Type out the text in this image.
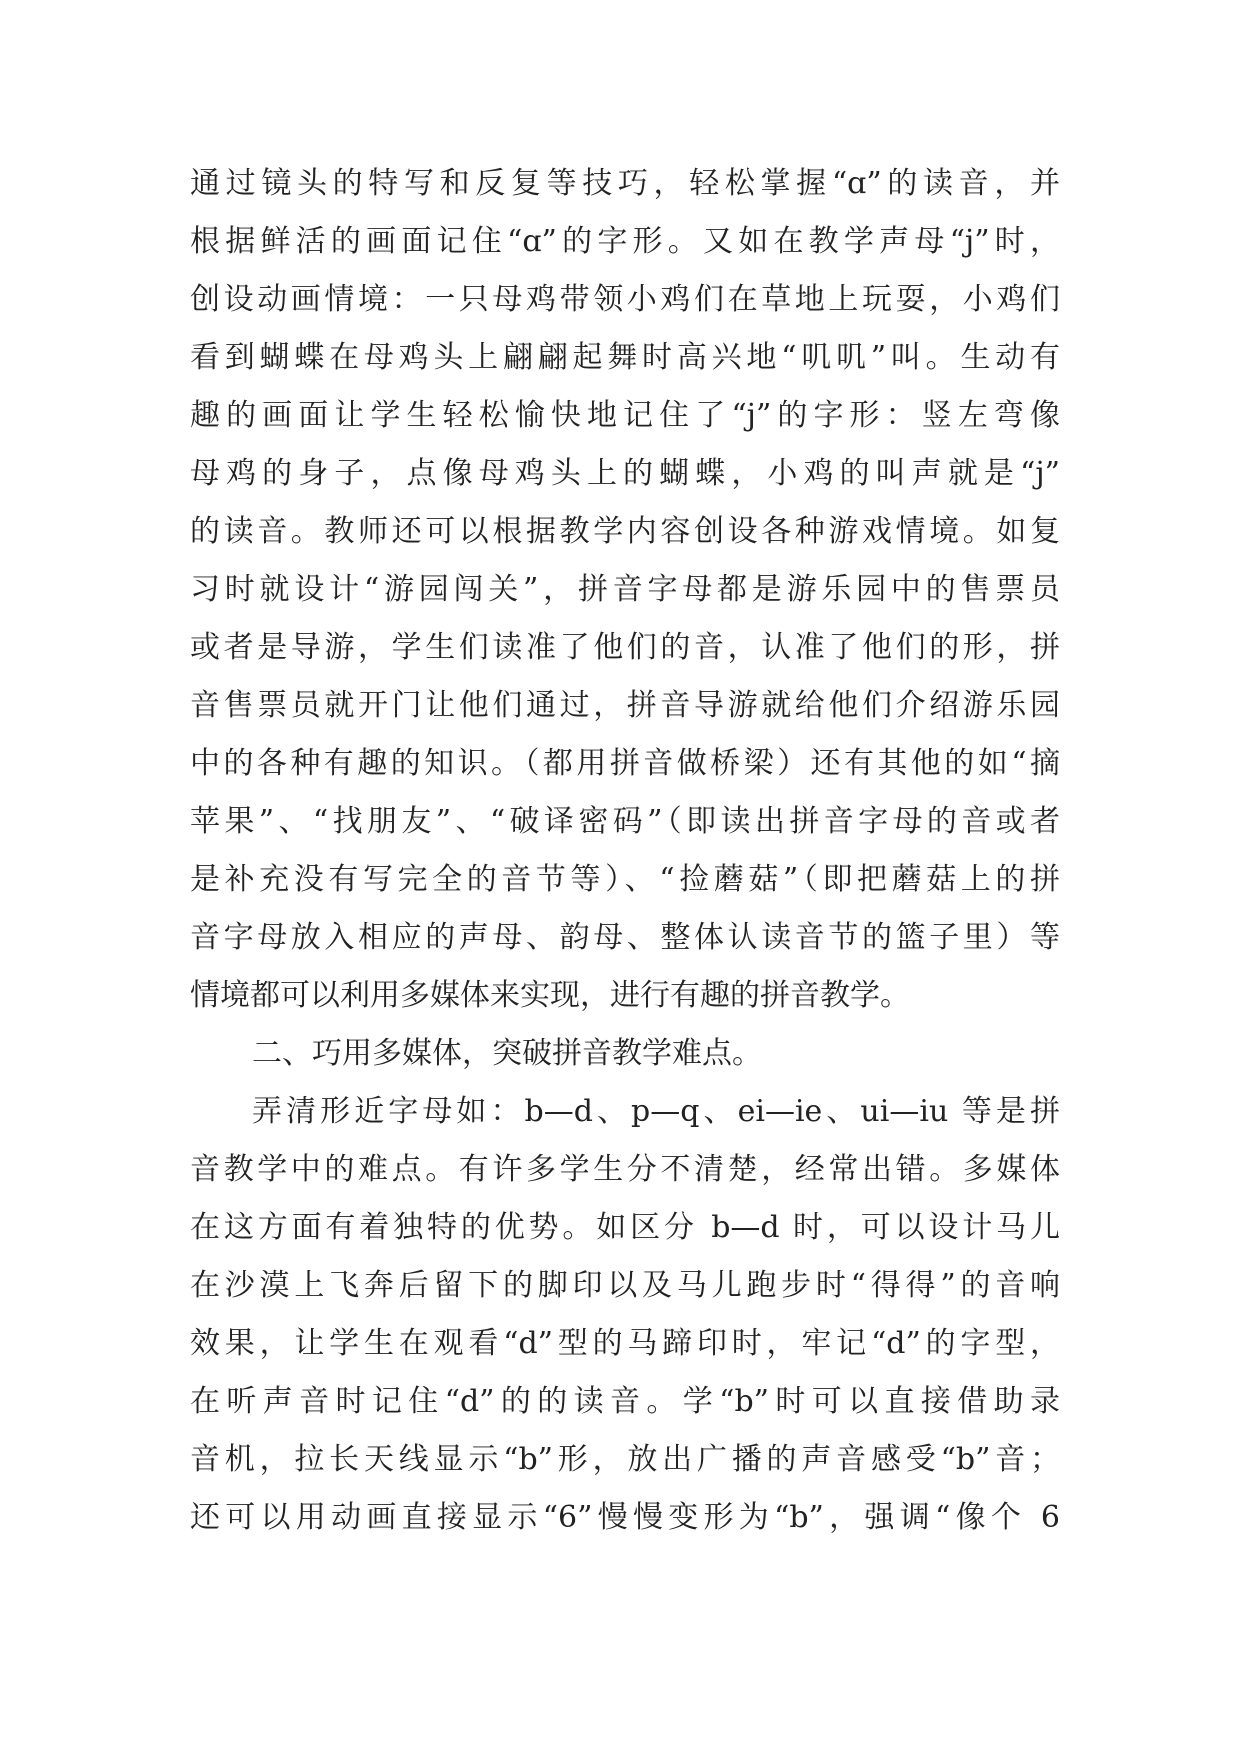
通过镜头的特写和反复等技巧，轻松掌握“ɑ”的读音，并
根据鲜活的画面记住“ɑ”的字形。又如在教学声母“j”时，
创设动画情境：一只母鸡带领小鸡们在草地上玩耍，小鸡们
看到蝴蝶在母鸡头上翩翩起舞时高兴地“叽叽”叫。生动有
趣的画面让学生轻松愉快地记住了“j”的字形：竖左弯像
母鸡的身子，点像母鸡头上的蝴蝶，小鸡的叫声就是“j”
的读音。教师还可以根据教学内容创设各种游戏情境。如复
习时就设计“游园闯关”，拼音字母都是游乐园中的售票员
或者是导游，学生们读准了他们的音，认准了他们的形，拼
音售票员就开门让他们通过，拼音导游就给他们介绍游乐园
中的各种有趣的知识。（都用拼音做桥梁）还有其他的如“摘
苹果”、“找朋友”、“破译密码”（即读出拼音字母的音或者
是补充没有写完全的音节等）、“捡蘑菇”（即把蘑菇上的拼
音字母放入相应的声母、韵母、整体认读音节的篮子里）等
情境都可以利用多媒体来实现，进行有趣的拼音教学。
二、巧用多媒体，突破拼音教学难点。
弄清形近字母如：b—d、p—q、ei—ie、ui—iu 等是拼
音教学中的难点。有许多学生分不清楚，经常出错。多媒体
在这方面有着独特的优势。如区分 b—d 时，可以设计马儿
在沙漠上飞奔后留下的脚印以及马儿跑步时“得得”的音响
效果，让学生在观看“d”型的马蹄印时，牢记“d”的字型，
在听声音时记住“d”的的读音。学“b”时可以直接借助录
音机，拉长天线显示“b”形，放出广播的声音感受“b”音；
还可以用动画直接显示“6”慢慢变形为“b”，强调“像个 6
